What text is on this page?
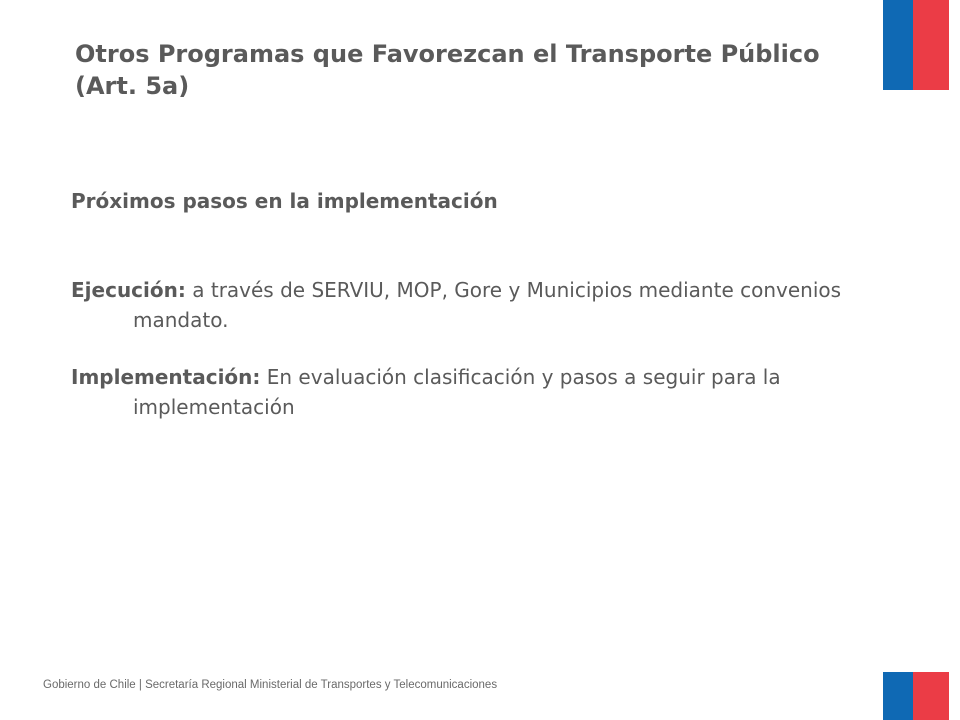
Otros Programas que Favorezcan el Transporte Público (Art. 5a)
Próximos pasos en la implementación

Ejecución: a través de SERVIU, MOP, Gore y Municipios mediante convenios mandato.

Implementación: En evaluación clasificación y pasos a seguir para la implementación

Gobierno de Chile | Secretaría Regional Ministerial de Transportes y Telecomunicaciones
